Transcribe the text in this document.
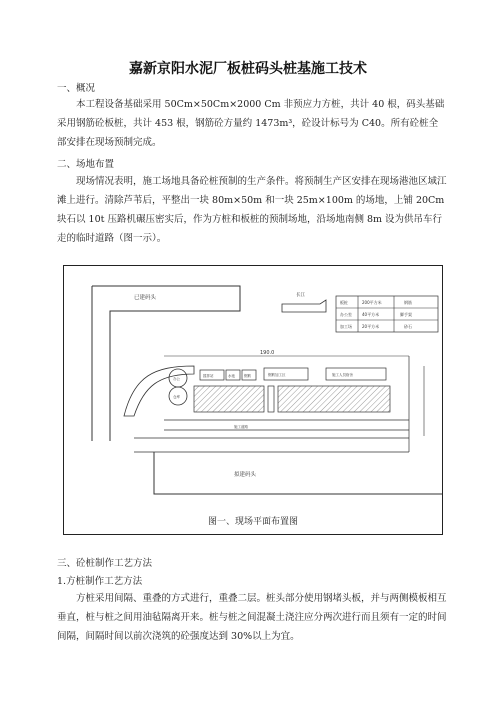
嘉新京阳水泥厂板桩码头桩基施工技术
一、概况
本工程设备基础采用 50Cm×50Cm×2000 Cm 非预应力方桩，共计 40 根，码头基础采用钢筋砼板桩，共计 453 根，钢筋砼方量约 1473m³，砼设计标号为 C40。所有砼桩全部安排在现场预制完成。
二、场地布置
现场情况表明，施工场地具备砼桩预制的生产条件。将预制生产区安排在现场港池区域江滩上进行。清除芦苇后，平整出一块 80m×50m 和一块 25m×100m 的场地，上铺 20Cm 块石以 10t 压路机碾压密实后，作为方桩和板桩的预制场地，沿场地南侧 8m 设为供吊车行走的临时道路（图一示）。
已建码头	长江
板桩	200平方米	钢筋
办公室	40平方米	脚手架
加工场	20平方米	砂石
190.0
办公
仓库
搅拌站	水池	钢筋	钢筋加工区	施工人员宿舍
施工道路
拟建码头
图一、现场平面布置图
三、砼桩制作工艺方法
1.方桩制作工艺方法
方桩采用间隔、重叠的方式进行，重叠二层。桩头部分使用钢堵头板，并与两侧模板相互垂直，桩与桩之间用油毡隔离开来。桩与桩之间混凝土浇注应分两次进行而且须有一定的时间间隔，间隔时间以前次浇筑的砼强度达到 30%以上为宜。
